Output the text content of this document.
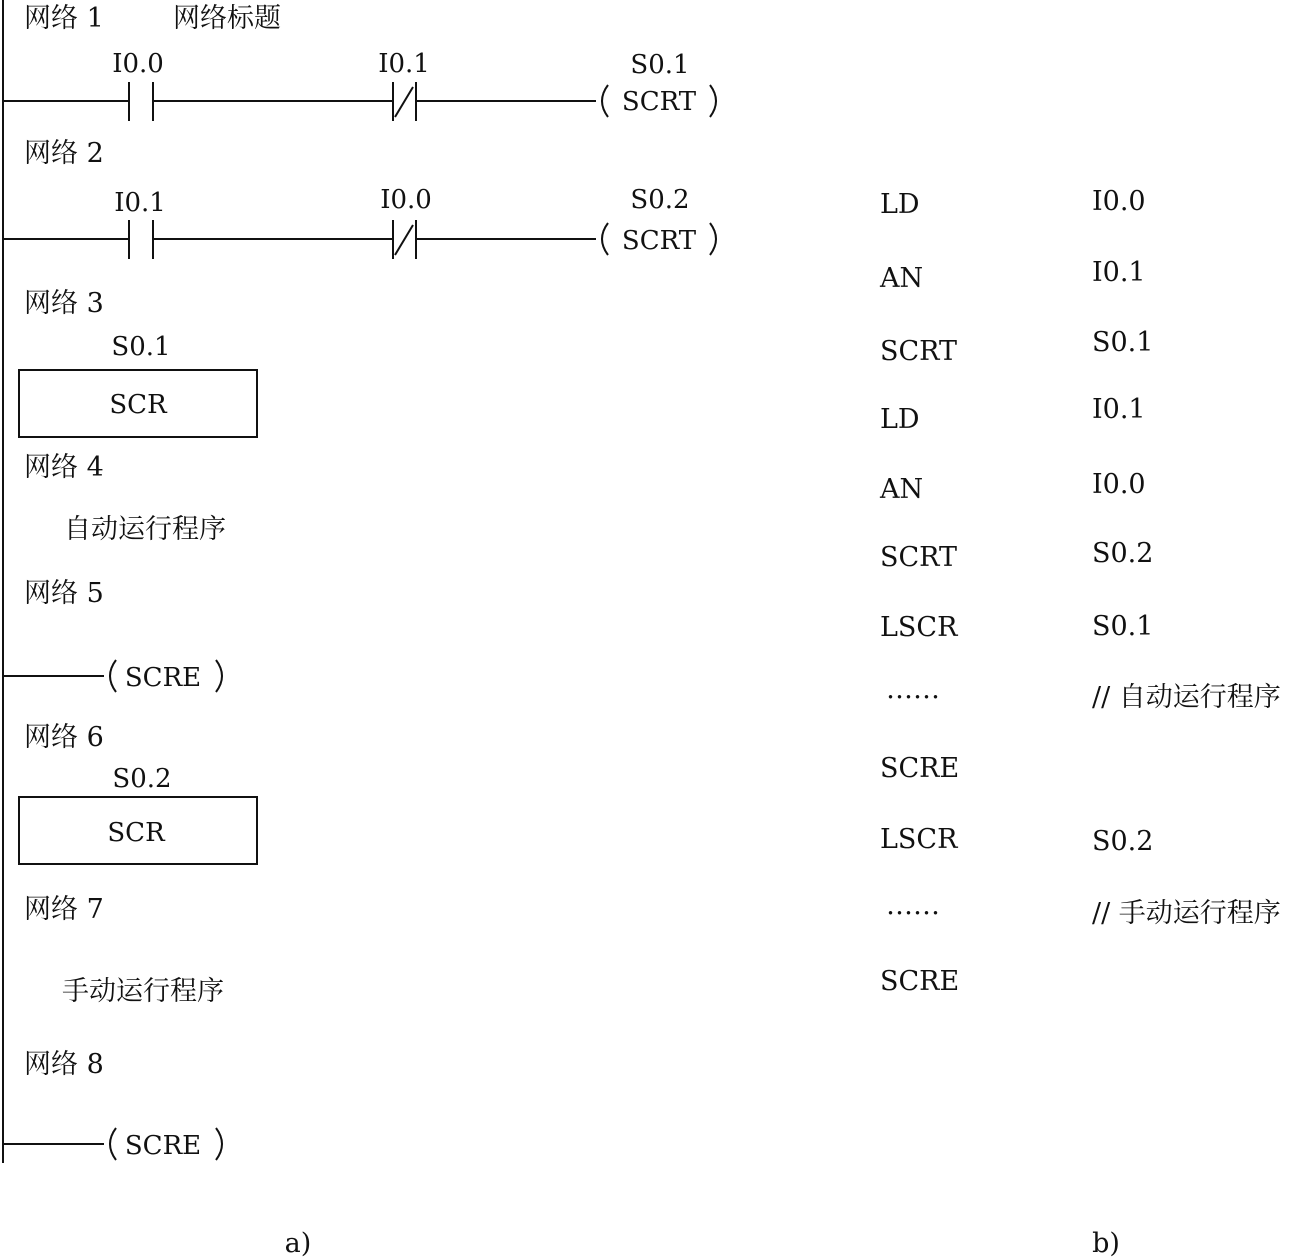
网络 1	网络标题
I0.0	I0.1	S0.1
SCRT
网络 2
I0.1	I0.0	S0.2
SCRT
网络 3
S0.1
SCR
网络 4
自动运行程序
网络 5
SCRE
网络 6
S0.2
SCR
网络 7
手动运行程序
网络 8
SCRE
LD	I0.0
AN	I0.1
SCRT	S0.1
LD	I0.1
AN	I0.0
SCRT	S0.2
LSCR	S0.1
……	// 自动运行程序
SCRE
LSCR	S0.2
……	// 手动运行程序
SCRE
a)	b)
